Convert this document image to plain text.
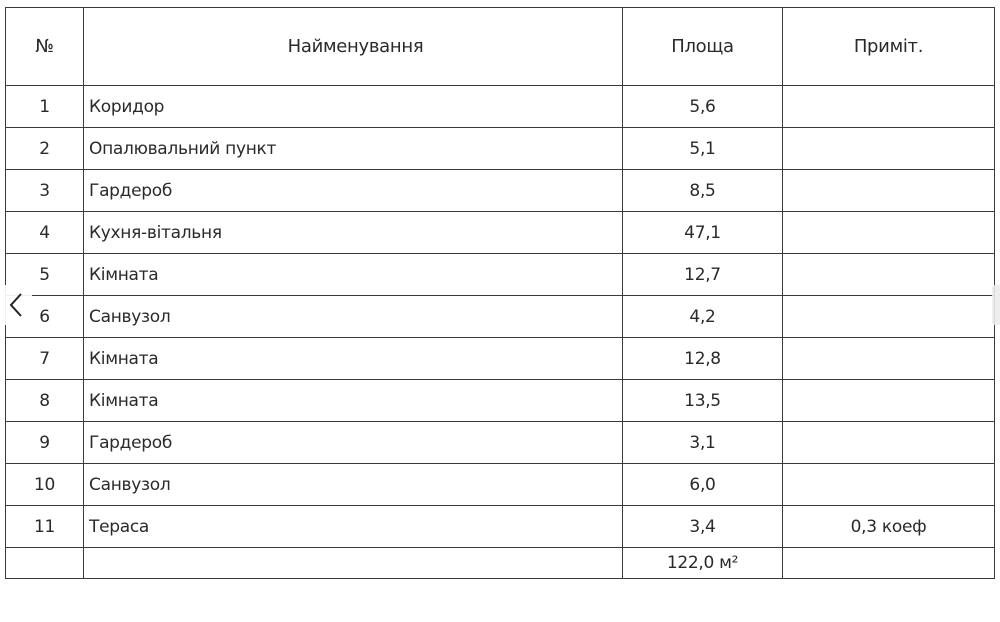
№	Найменування	Площа	Примiт.
1	Коридор	5,6	
2	Опалювальний пункт	5,1	
3	Гардероб	8,5	
4	Кухня-вiтальня	47,1	
5	Кiмната	12,7	
6	Санвузол	4,2	
7	Кiмната	12,8	
8	Кiмната	13,5	
9	Гардероб	3,1	
10	Санвузол	6,0	
11	Тераса	3,4	0,3 коеф
		122,0 м²	
